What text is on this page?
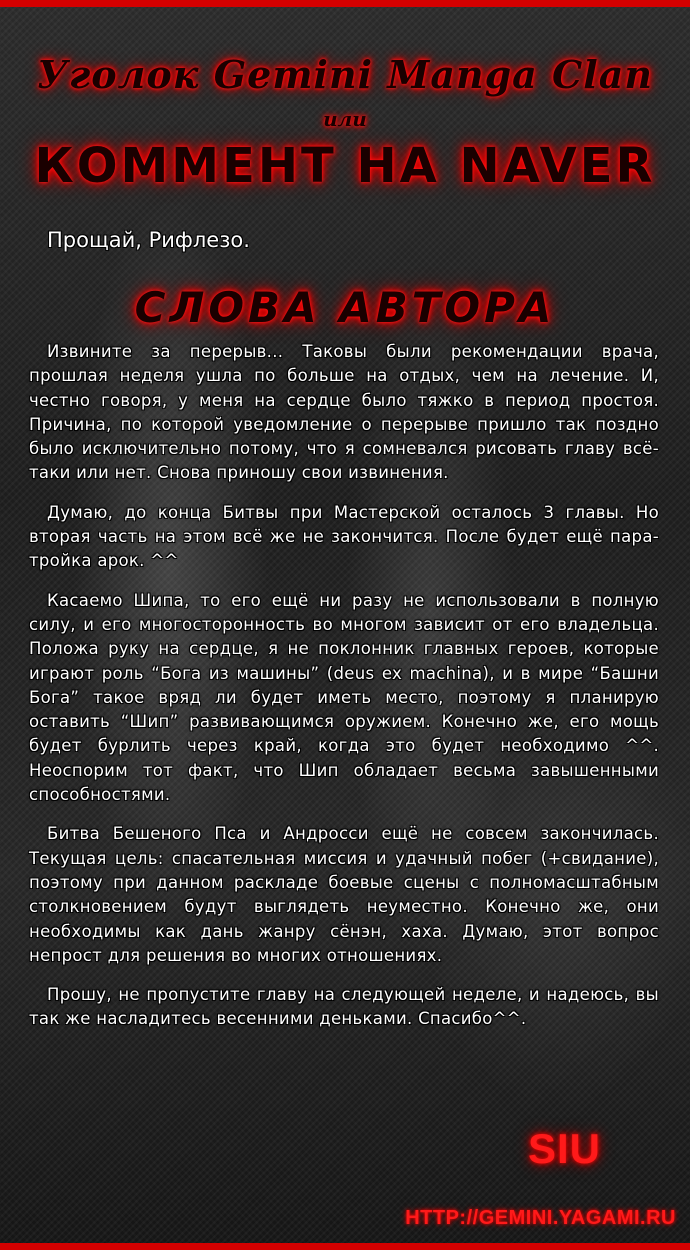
Уголок Gemini Manga Clan
или
КОММЕНТ НА NAVER
Прощай, Рифлезо.
СЛОВА АВТОРА

Извините за перерыв... Таковы были рекомендации врача, прошлая неделя ушла по больше на отдых, чем на лечение. И, честно говоря, у меня на сердце было тяжко в период простоя. Причина, по которой уведомление о перерыве пришло так поздно было исключительно потому, что я сомневался рисовать главу всё-таки или нет. Снова приношу свои извинения.

Думаю, до конца Битвы при Мастерской осталось 3 главы. Но вторая часть на этом всё же не закончится. После будет ещё пара-тройка арок. ^^

Касаемо Шипа, то его ещё ни разу не использовали в полную силу, и его многосторонность во многом зависит от его владельца. Положа руку на сердце, я не поклонник главных героев, которые играют роль “Бога из машины” (deus ex machina), и в мире “Башни Бога” такое вряд ли будет иметь место, поэтому я планирую оставить “Шип” развивающимся оружием. Конечно же, его мощь будет бурлить через край, когда это будет необходимо ^^. Неоспорим тот факт, что Шип обладает весьма завышенными способностями.

Битва Бешеного Пса и Андросси ещё не совсем закончилась. Текущая цель: спасательная миссия и удачный побег (+свидание), поэтому при данном раскладе боевые сцены с полномасштабным столкновением будут выглядеть неуместно. Конечно же, они необходимы как дань жанру сёнэн, хаха. Думаю, этот вопрос непрост для решения во многих отношениях.

Прошу, не пропустите главу на следующей неделе, и надеюсь, вы так же насладитесь весенними деньками. Спасибо^^.

SIU
HTTP://GEMINI.YAGAMI.RU
